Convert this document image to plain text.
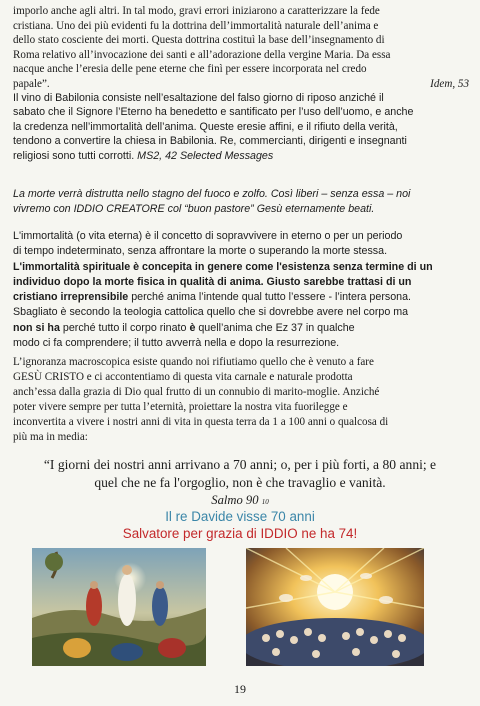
imporlo anche agli altri. In tal modo, gravi errori iniziarono a caratterizzare la fede
cristiana. Uno dei più evidenti fu la dottrina dell’immortalità naturale dell’anima e
dello stato cosciente dei morti. Questa dottrina costituì la base dell’insegnamento di
Roma relativo all’invocazione dei santi e all’adorazione della vergine Maria. Da essa
nacque anche l’eresia delle pene eterne che finì per essere incorporata nel credo
papale”.	Idem, 53
Il vino di Babilonia consiste nell’esaltazione del falso giorno di riposo anziché il
sabato che il Signore l’Eterno ha benedetto e santificato per l’uso dell’uomo, e anche
la credenza nell’immortalità dell’anima. Queste eresie affini, e il rifiuto della verità,
tendono a convertire la chiesa in Babilonia. Re, commercianti, dirigenti e insegnanti
religiosi sono tutti corrotti. MS2, 42 Selected Messages
La morte verrà distrutta nello stagno del fuoco e zolfo. Così liberi – senza essa – noi
vivremo con IDDIO CREATORE col “buon pastore” Gesù eternamente beati.
L'immortalità (o vita eterna) è il concetto di sopravvivere in eterno o per un periodo
di tempo indeterminato, senza affrontare la morte o superando la morte stessa.
L'immortalità spirituale è concepita in genere come l'esistenza senza termine di un
individuo dopo la morte fisica in qualità di anima. Giusto sarebbe trattasi di un
cristiano irreprensibile perché anima l’intende qual tutto l’essere - l’intera persona.
Sbagliato è secondo la teologia cattolica quello che si dovrebbe avere nel corpo ma
non si ha perché tutto il corpo rinato è quell’anima che Ez 37 in qualche
modo ci fa comprendere; il tutto avverrà nella e dopo la resurrezione.
L’ignoranza macroscopica esiste quando noi rifiutiamo quello che è venuto a fare
GESÙ CRISTO e ci accontentiamo di questa vita carnale e naturale prodotta
anch’essa dalla grazia di Dio qual frutto di un connubio di marito-moglie. Anziché
poter vivere sempre per tutta l’eternità, proiettare la nostra vita fuorilegge e
inconvertita a vivere i nostri anni di vita in questa terra da 1 a 100 anni o qualcosa di
più ma in media:
“I giorni dei nostri anni arrivano a 70 anni; o, per i più forti, a 80 anni; e
quel che ne fa l'orgoglio, non è che travaglio e vanità.
Salmo 90 10
Il re Davide visse 70 anni
Salvatore per grazia di IDDIO ne ha 74!
19
